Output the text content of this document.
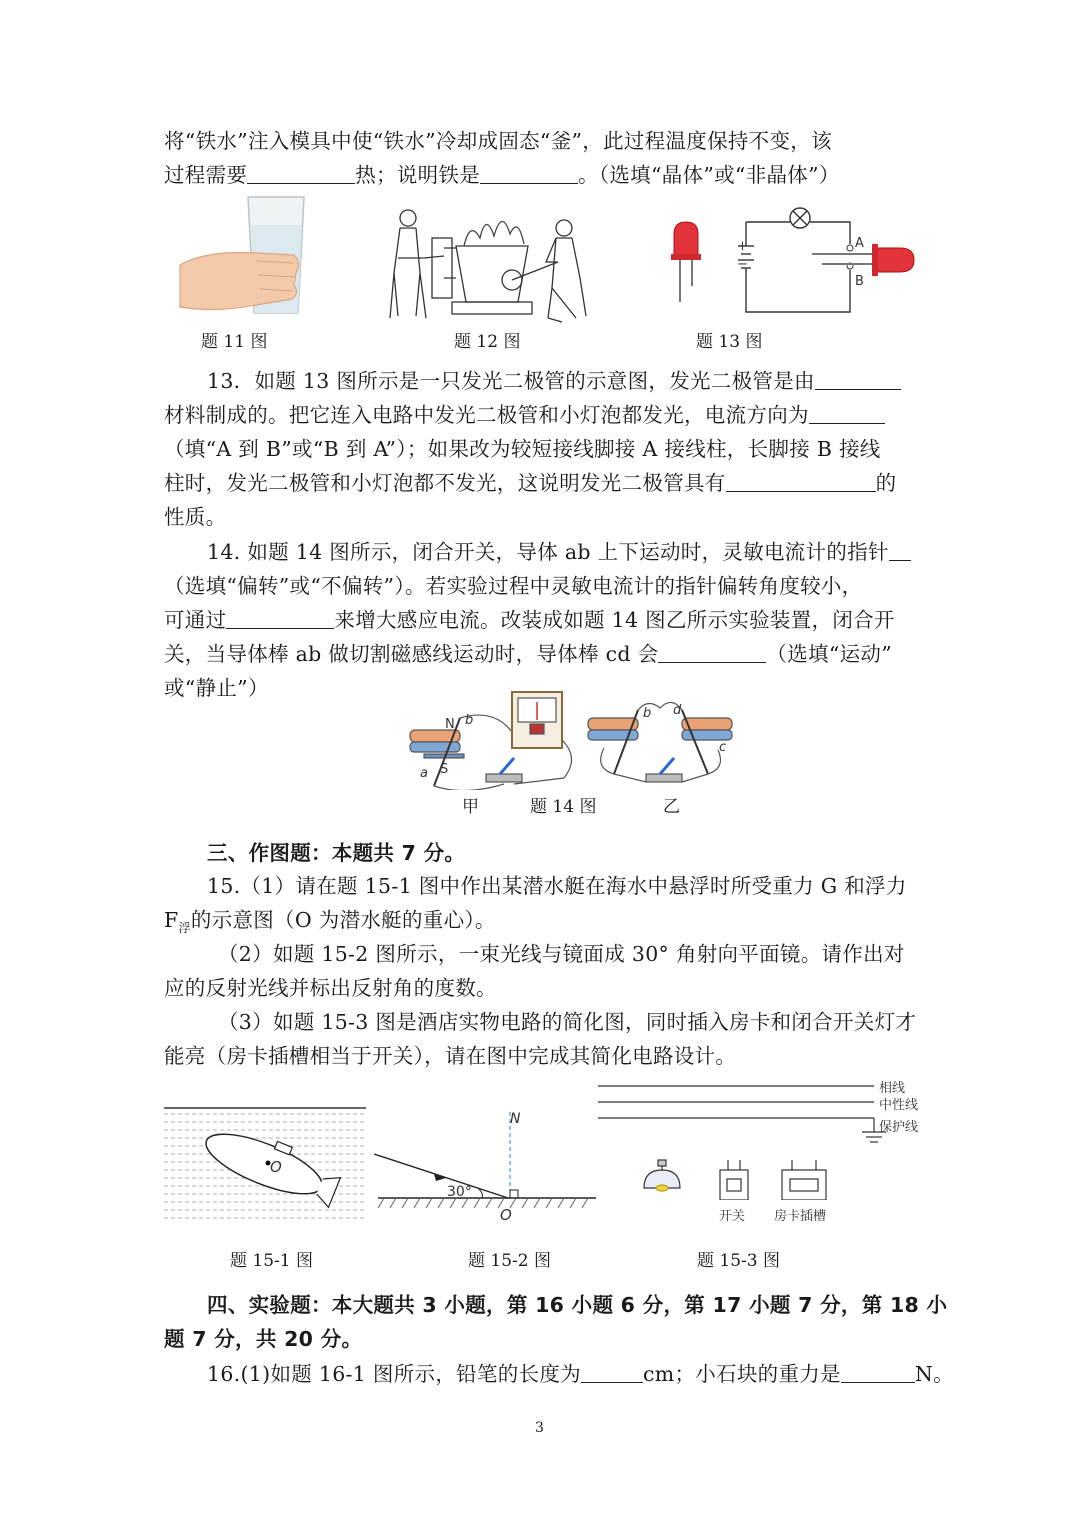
将“铁水”注入模具中使“铁水”冷却成固态“釜”，此过程温度保持不变，该
过程需要	热；说明铁是	。（选填“晶体”或“非晶体”）
题 11 图	题 12 图
+
−
A
B
题 13 图
13．如题 13 图所示是一只发光二极管的示意图，发光二极管是由
材料制成的。把它连入电路中发光二极管和小灯泡都发光，电流方向为
（填“A 到 B”或“B 到 A”）；如果改为较短接线脚接 A 接线柱，长脚接 B 接线
柱时，发光二极管和小灯泡都不发光，这说明发光二极管具有	的
性质。
14. 如题 14 图所示，闭合开关，导体 ab 上下运动时，灵敏电流计的指针
（选填“偏转”或“不偏转”）。若实验过程中灵敏电流计的指针偏转角度较小，
可通过	来增大感应电流。改装成如题 14 图乙所示实验装置，闭合开
关，当导体棒 ab 做切割磁感线运动时，导体棒 cd 会	（选填“运动”
或“静止”）
N
S
a
b	b d
c
甲	题 14 图	乙
三、作图题：本题共 7 分。
15.（1）请在题 15-1 图中作出某潜水艇在海水中悬浮时所受重力 G 和浮力
$F_浮$的示意图（O 为潜水艇的重心）。
（2）如题 15-2 图所示，一束光线与镜面成 30° 角射向平面镜。请作出对
应的反射光线并标出反射角的度数。
（3）如题 15-3 图是酒店实物电路的简化图，同时插入房卡和闭合开关灯才
能亮（房卡插槽相当于开关），请在图中完成其简化电路设计。
O
题 15-1 图
N
30°
O
题 15-2 图
相线
中性线
保护线
开关 房卡插槽
题 15-3 图
四、实验题：本大题共 3 小题，第 16 小题 6 分，第 17 小题 7 分，第 18 小
题 7 分，共 20 分。
16.(1)如题 16-1 图所示，铅笔的长度为	cm；小石块的重力是	N。
3
